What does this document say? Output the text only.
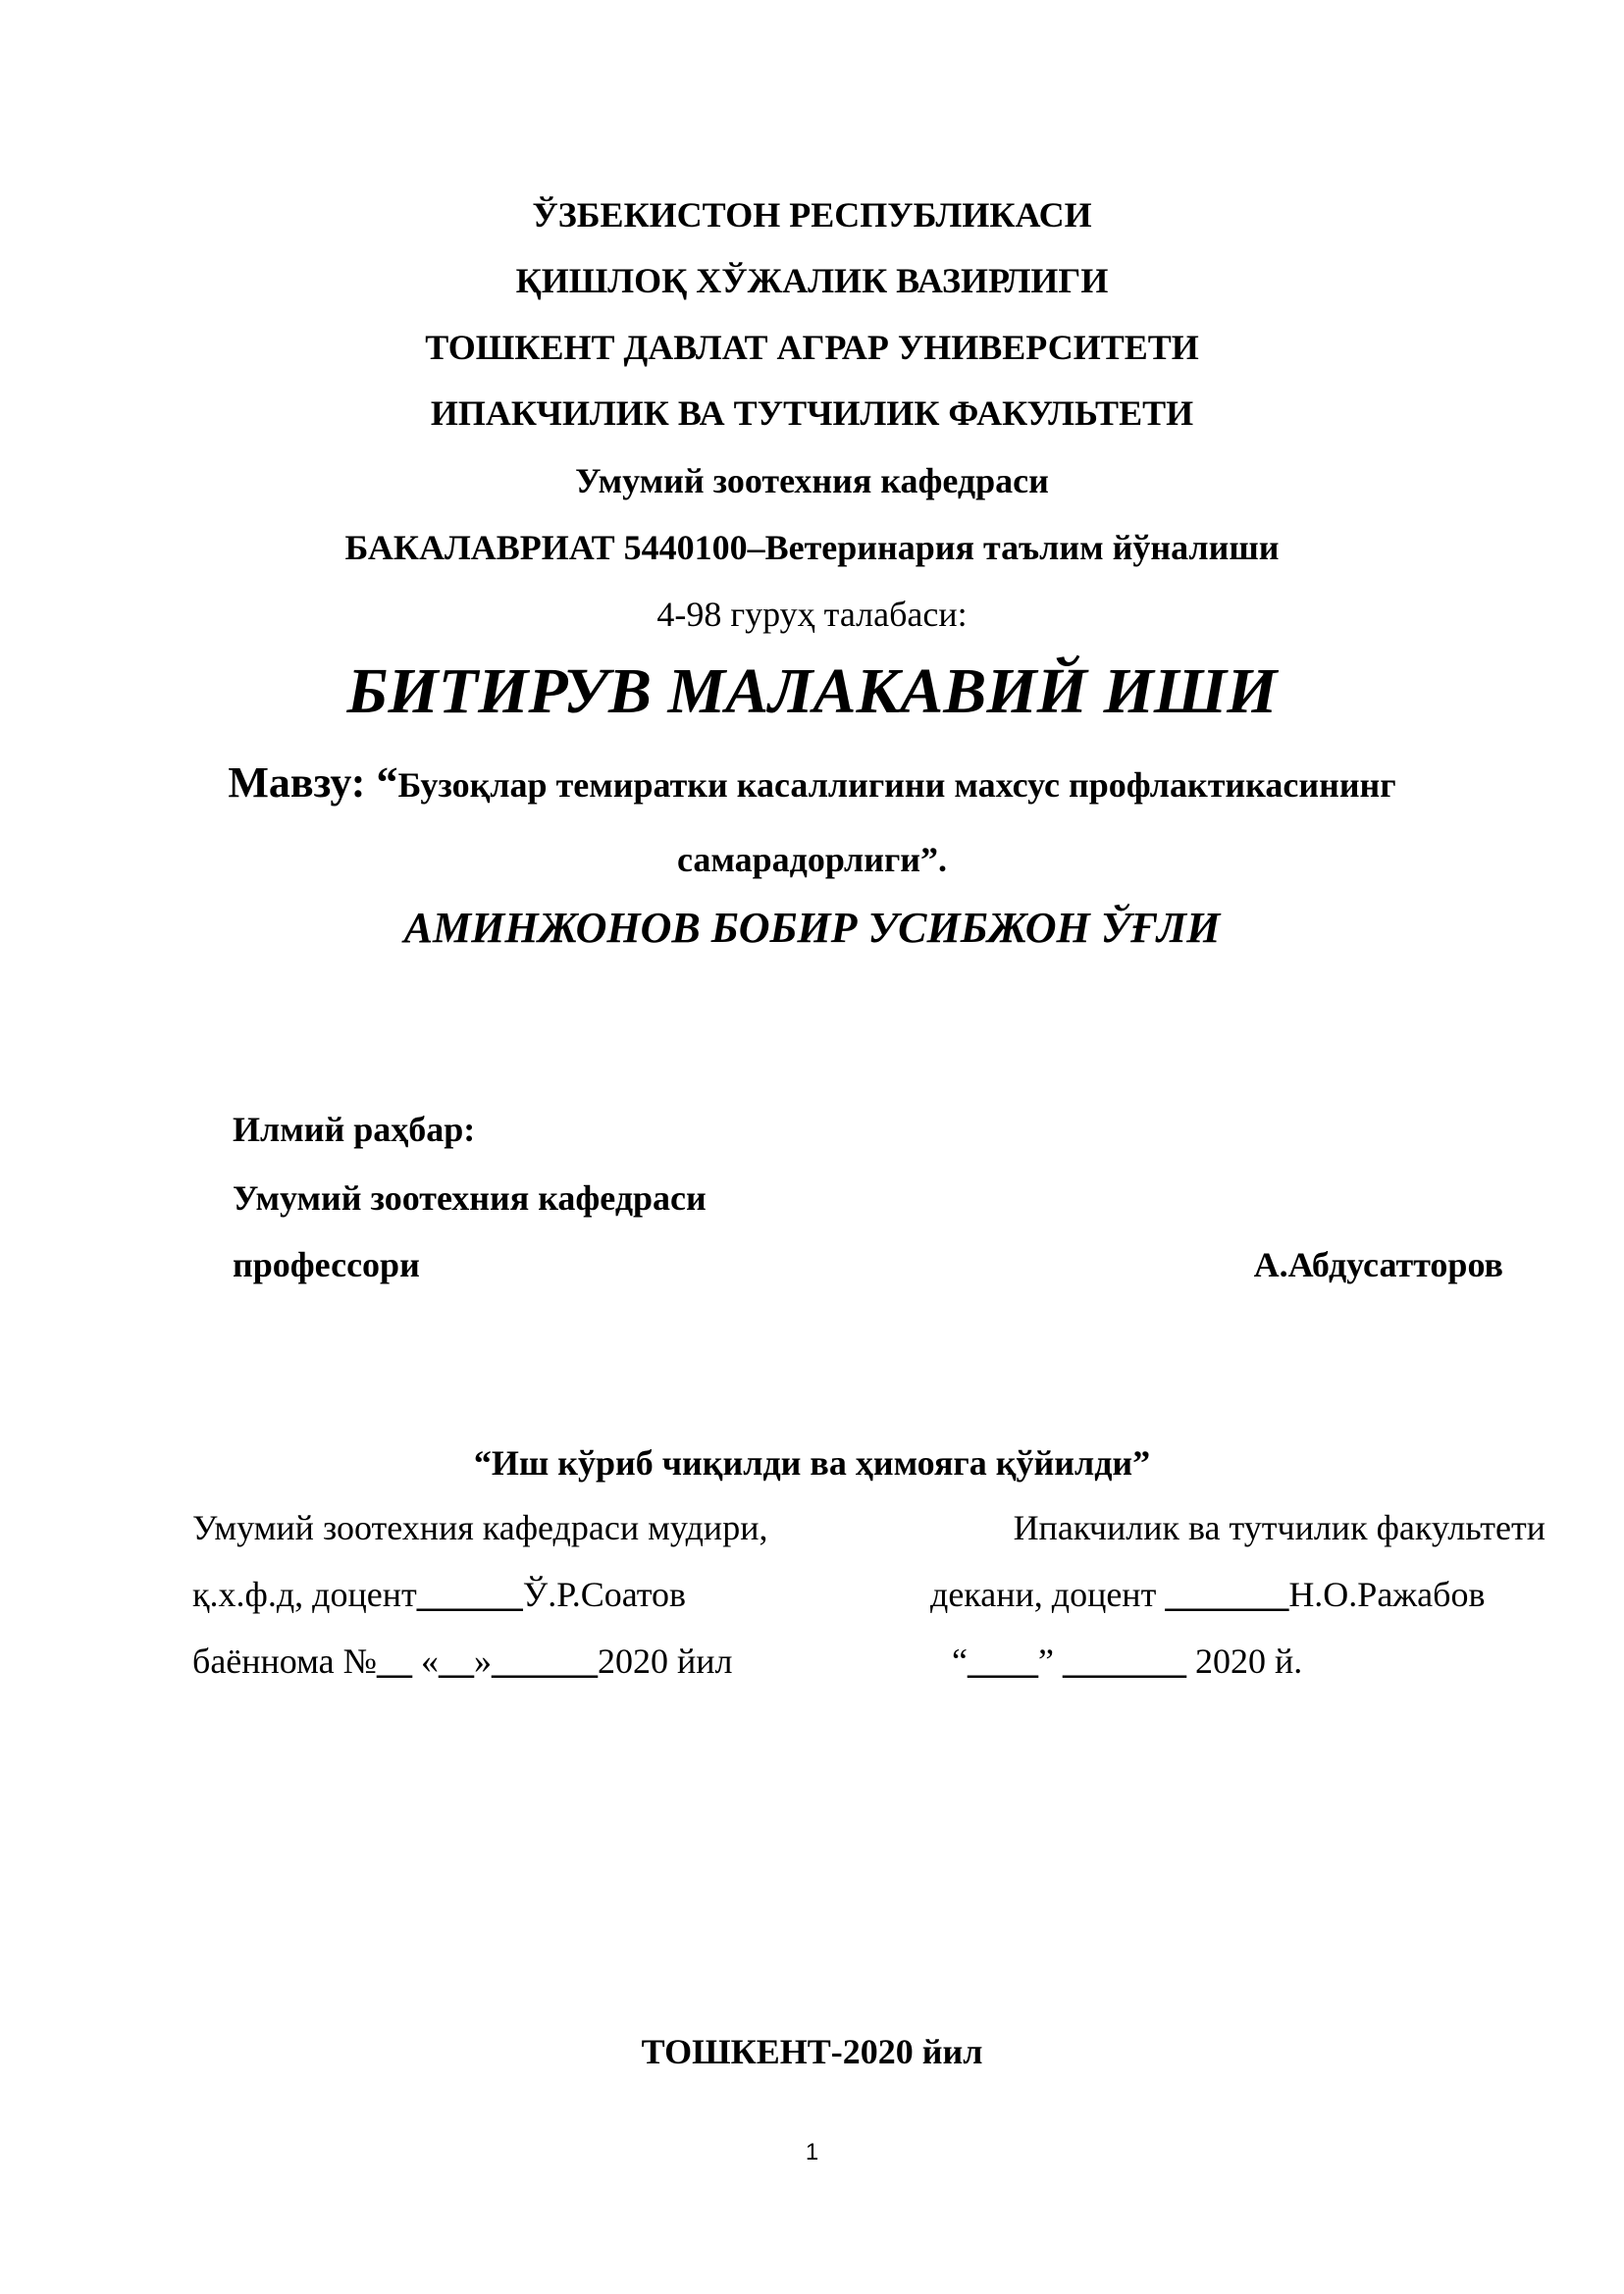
ЎЗБЕКИСТОН РЕСПУБЛИКАСИ
ҚИШЛОҚ ХЎЖАЛИК ВАЗИРЛИГИ
ТОШКЕНТ ДАВЛАТ АГРАР УНИВЕРСИТЕТИ
ИПАКЧИЛИК ВА ТУТЧИЛИК ФАКУЛЬТЕТИ
Умумий зоотехния кафедраси
БАКАЛАВРИАТ 5440100–Ветеринария таълим йўналиши
4-98 гуруҳ талабаси:
БИТИРУВ МАЛАКАВИЙ ИШИ
Мавзу: “Бузоқлар темиратки касаллигини махсус профлактикасининг
самарадорлиги”.
АМИНЖОНОВ БОБИР УСИБЖОН ЎҒЛИ
Илмий раҳбар:
Умумий зоотехния кафедраси
профессори	А.Абдусатторов
“Иш кўриб чиқилди ва ҳимояга қўйилди”
Умумий зоотехния кафедраси мудири,
қ.х.ф.д, доцент______Ў.Р.Соатов
баённома №__ «__»______2020 йил
Ипакчилик ва тутчилик факультети
декани, доцент _______Н.О.Ражабов
“____” _______ 2020 й.
ТОШКЕНТ-2020 йил
1
